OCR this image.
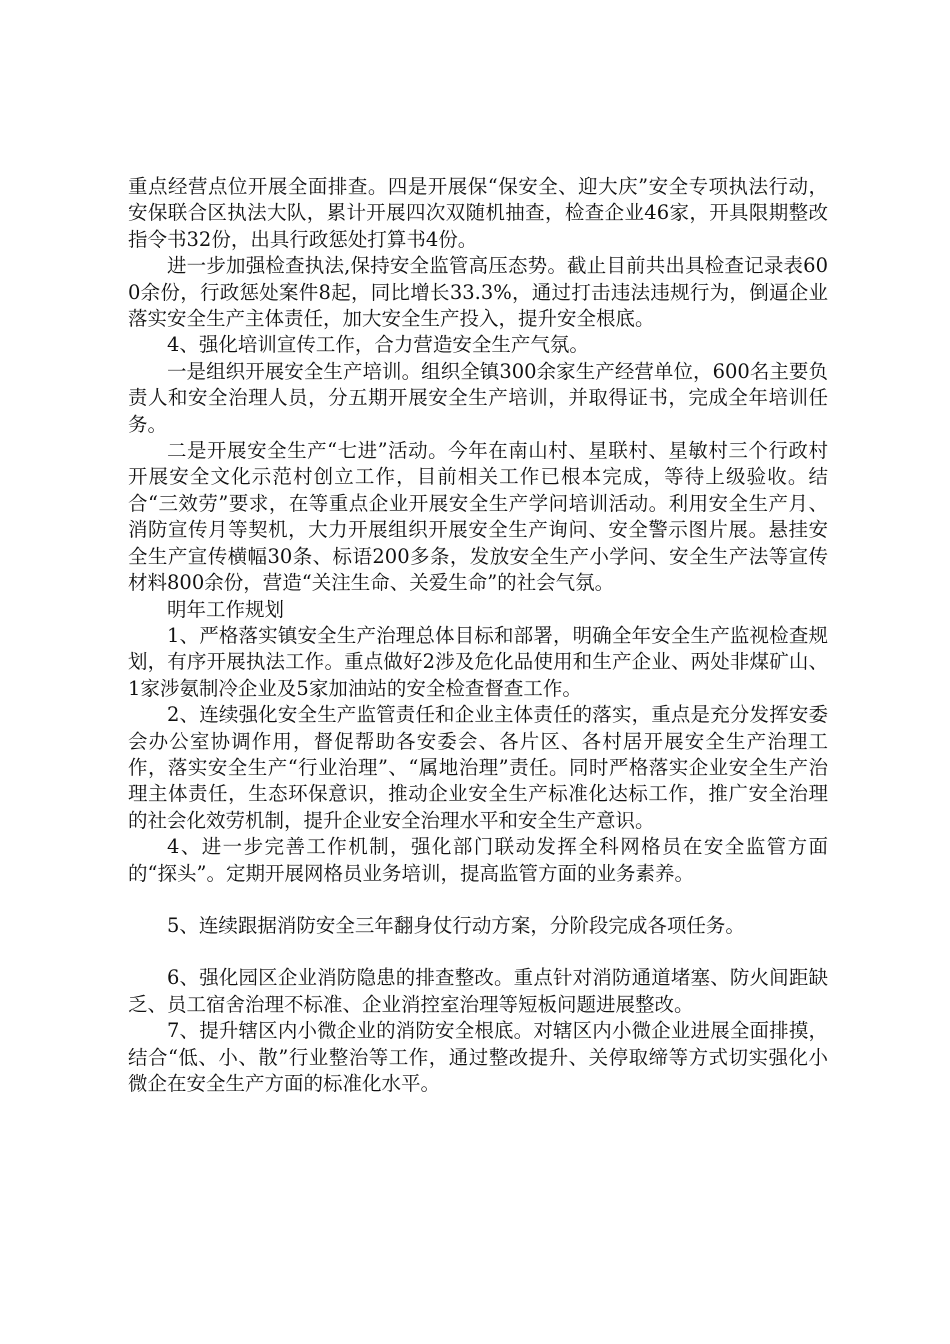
重点经营点位开展全面排查。四是开展保“保安全、迎大庆”安全专项执法行动，安保联合区执法大队，累计开展四次双随机抽查，检查企业46家，开具限期整改指令书32份，出具行政惩处打算书4份。

进一步加强检查执法,保持安全监管高压态势。截止目前共出具检查记录表600余份，行政惩处案件8起，同比增长33.3%，通过打击违法违规行为，倒逼企业落实安全生产主体责任，加大安全生产投入，提升安全根底。

4、强化培训宣传工作，合力营造安全生产气氛。

一是组织开展安全生产培训。组织全镇300余家生产经营单位，600名主要负责人和安全治理人员，分五期开展安全生产培训，并取得证书，完成全年培训任务。

二是开展安全生产“七进”活动。今年在南山村、星联村、星敏村三个行政村开展安全文化示范村创立工作，目前相关工作已根本完成，等待上级验收。结合“三效劳”要求，在等重点企业开展安全生产学问培训活动。利用安全生产月、消防宣传月等契机，大力开展组织开展安全生产询问、安全警示图片展。悬挂安全生产宣传横幅30条、标语200多条，发放安全生产小学问、安全生产法等宣传材料800余份，营造“关注生命、关爱生命”的社会气氛。

明年工作规划

1、严格落实镇安全生产治理总体目标和部署，明确全年安全生产监视检查规划，有序开展执法工作。重点做好2涉及危化品使用和生产企业、两处非煤矿山、1家涉氨制冷企业及5家加油站的安全检查督查工作。

2、连续强化安全生产监管责任和企业主体责任的落实，重点是充分发挥安委会办公室协调作用，督促帮助各安委会、各片区、各村居开展安全生产治理工作，落实安全生产“行业治理”、“属地治理”责任。同时严格落实企业安全生产治理主体责任，生态环保意识，推动企业安全生产标准化达标工作，推广安全治理的社会化效劳机制，提升企业安全治理水平和安全生产意识。

4、进一步完善工作机制，强化部门联动发挥全科网格员在安全监管方面的“探头”。定期开展网格员业务培训，提高监管方面的业务素养。

5、连续跟据消防安全三年翻身仗行动方案，分阶段完成各项任务。

6、强化园区企业消防隐患的排查整改。重点针对消防通道堵塞、防火间距缺乏、员工宿舍治理不标准、企业消控室治理等短板问题进展整改。

7、提升辖区内小微企业的消防安全根底。对辖区内小微企业进展全面排摸，结合“低、小、散”行业整治等工作，通过整改提升、关停取缔等方式切实强化小微企在安全生产方面的标准化水平。
